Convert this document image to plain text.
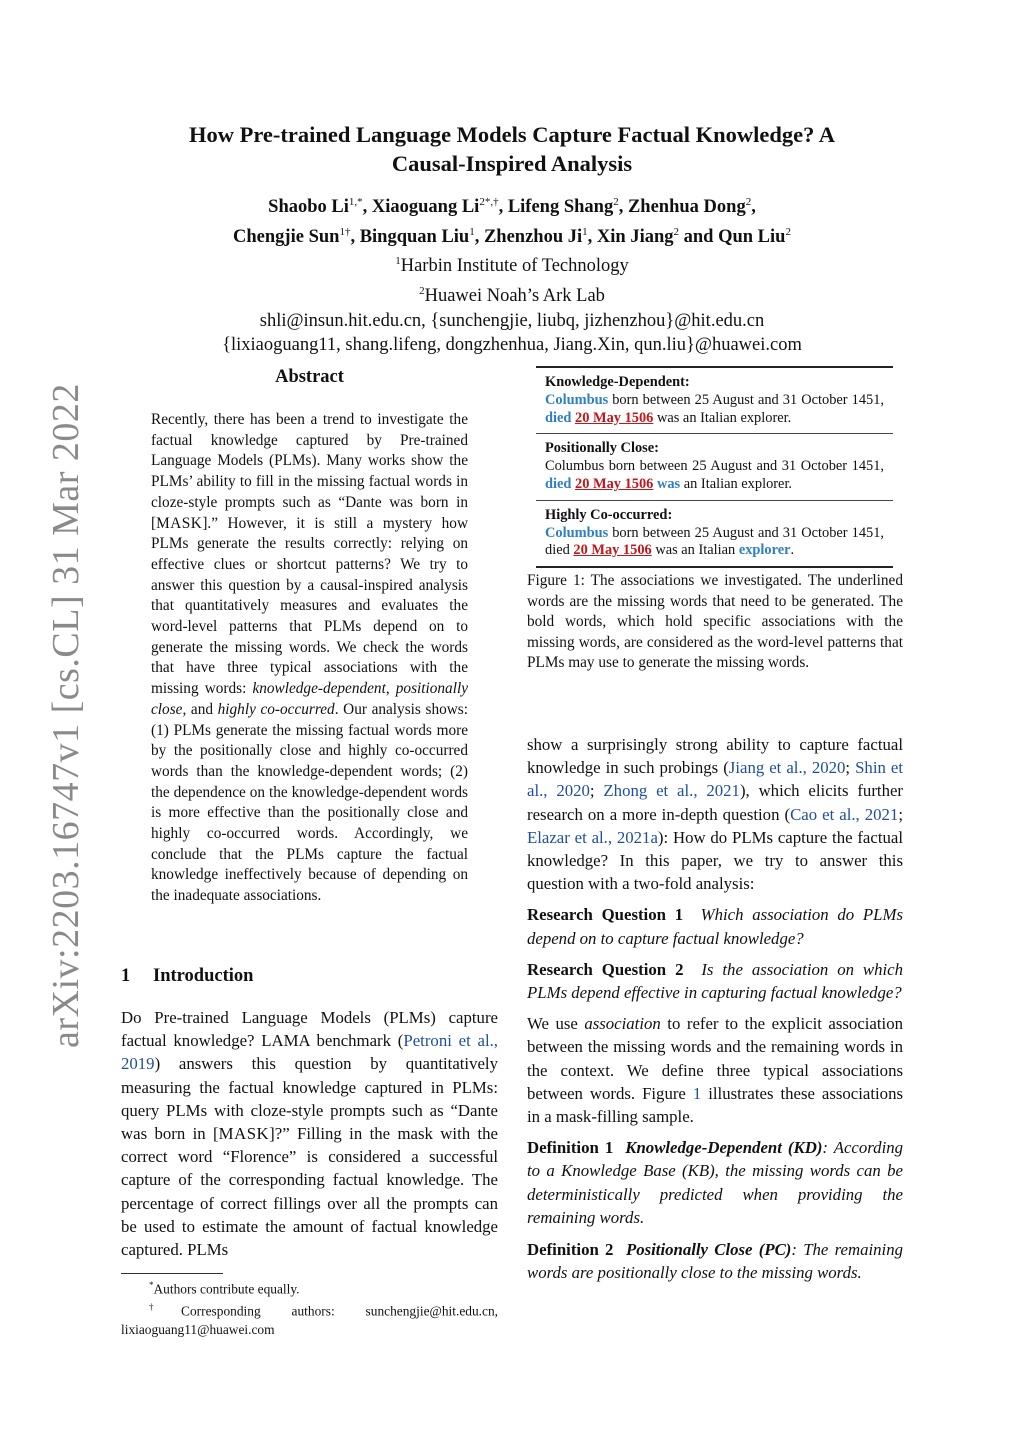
arXiv:2203.16747v1 [cs.CL] 31 Mar 2022
How Pre-trained Language Models Capture Factual Knowledge? A
Causal-Inspired Analysis
Shaobo $Li^{1,*}$, Xiaoguang $Li^{2*,\dagger}$, Lifeng Shang$^2$, Zhenhua Dong$^2$,
Chengjie Sun$^{1\dagger}$, Bingquan Liu$^1$, Zhenzhou Ji$^1$, Xin Jiang$^2$ and Qun Liu$^2$
$^1$Harbin Institute of Technology
$^2$Huawei Noah’s Ark Lab
shli@insun.hit.edu.cn, {sunchengjie, liubq, jizhenzhou}@hit.edu.cn
{lixiaoguang11, shang.lifeng, dongzhenhua, Jiang.Xin, qun.liu}@huawei.com
Abstract
Recently, there has been a trend to investigate the factual knowledge captured by Pre-trained Language Models (PLMs). Many works show the PLMs’ ability to fill in the missing factual words in cloze-style prompts such as “Dante was born in [MASK].” However, it is still a mystery how PLMs generate the results correctly: relying on effective clues or shortcut patterns? We try to answer this question by a causal-inspired analysis that quantitatively measures and evaluates the word-level patterns that PLMs depend on to generate the missing words. We check the words that have three typical associations with the missing words: knowledge-dependent, positionally close, and highly co-occurred. Our analysis shows: (1) PLMs generate the missing factual words more by the positionally close and highly co-occurred words than the knowledge-dependent words; (2) the dependence on the knowledge-dependent words is more effective than the positionally close and highly co-occurred words. Accordingly, we conclude that the PLMs capture the factual knowledge ineffectively because of depending on the inadequate associations.
1 Introduction
Do Pre-trained Language Models (PLMs) capture factual knowledge? LAMA benchmark (Petroni et al., 2019) answers this question by quantitatively measuring the factual knowledge captured in PLMs: query PLMs with cloze-style prompts such as “Dante was born in [MASK]?” Filling in the mask with the correct word “Florence” is considered a successful capture of the corresponding factual knowledge. The percentage of correct fillings over all the prompts can be used to estimate the amount of factual knowledge captured. PLMs
*Authors contribute equally.
†Corresponding authors: sunchengjie@hit.edu.cn, lixiaoguang11@huawei.com
Knowledge-Dependent:
Columbus born between 25 August and 31 October 1451, died 20 May 1506 was an Italian explorer.
Positionally Close:
Columbus born between 25 August and 31 October 1451, died 20 May 1506 was an Italian explorer.
Highly Co-occurred:
Columbus born between 25 August and 31 October 1451, died 20 May 1506 was an Italian explorer.
Figure 1: The associations we investigated. The underlined words are the missing words that need to be generated. The bold words, which hold specific associations with the missing words, are considered as the word-level patterns that PLMs may use to generate the missing words.
show a surprisingly strong ability to capture factual knowledge in such probings (Jiang et al., 2020; Shin et al., 2020; Zhong et al., 2021), which elicits further research on a more in-depth question (Cao et al., 2021; Elazar et al., 2021a): How do PLMs capture the factual knowledge? In this paper, we try to answer this question with a two-fold analysis:
Research Question 1 Which association do PLMs depend on to capture factual knowledge?
Research Question 2 Is the association on which PLMs depend effective in capturing factual knowledge?
We use association to refer to the explicit association between the missing words and the remaining words in the context. We define three typical associations between words. Figure 1 illustrates these associations in a mask-filling sample.
Definition 1 Knowledge-Dependent (KD): According to a Knowledge Base (KB), the missing words can be deterministically predicted when providing the remaining words.
Definition 2 Positionally Close (PC): The remaining words are positionally close to the missing words.
